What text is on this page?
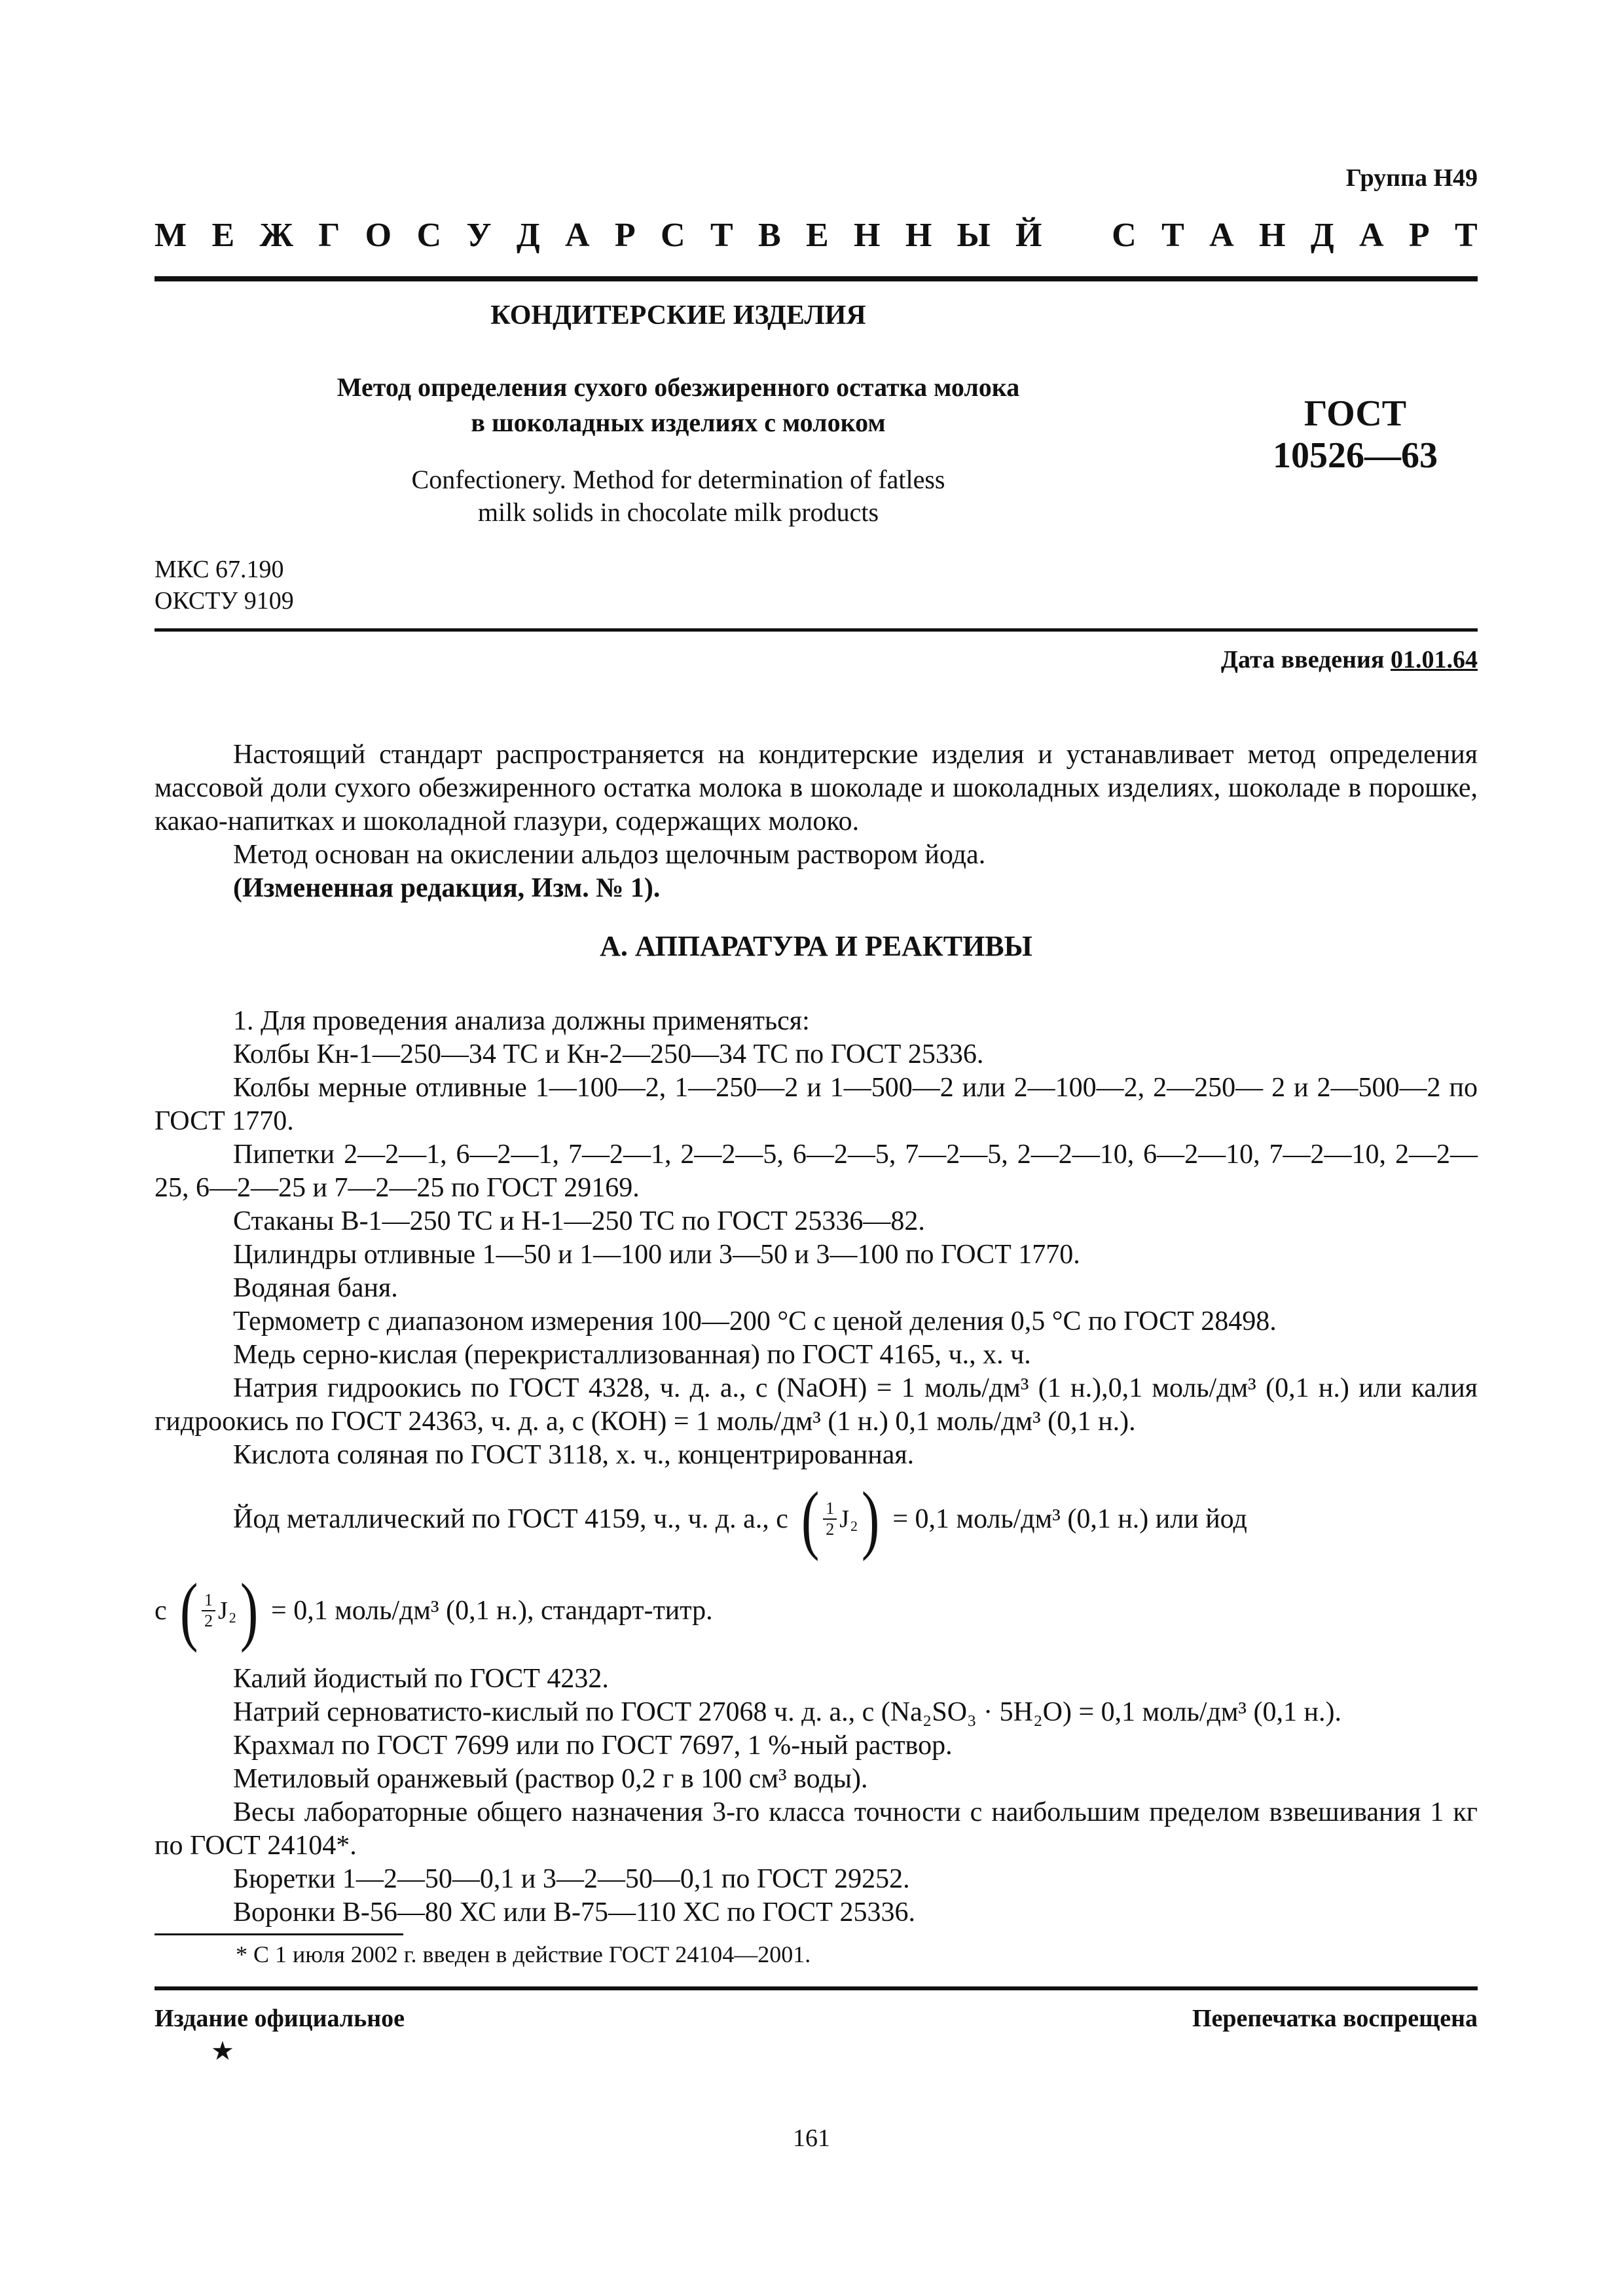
Группа Н49
М Е Ж Г О С У Д А Р С Т В Е Н Н Ы Й С Т А Н Д А Р Т
КОНДИТЕРСКИЕ ИЗДЕЛИЯ
Метод определения сухого обезжиренного остатка молока
в шоколадных изделиях с молоком
Confectionery. Method for determination of fatless
milk solids in chocolate milk products
ГОСТ
10526—63
МКС 67.190
ОКСТУ 9109
Дата введения 01.01.64
Настоящий стандарт распространяется на кондитерские изделия и устанавливает метод определения массовой доли сухого обезжиренного остатка молока в шоколаде и шоколадных изделиях, шоколаде в порошке, какао-напитках и шоколадной глазури, содержащих молоко.
Метод основан на окислении альдоз щелочным раствором йода.
(Измененная редакция, Изм. № 1).
А. АППАРАТУРА И РЕАКТИВЫ
1. Для проведения анализа должны применяться:
Колбы Кн-1—250—34 ТС и Кн-2—250—34 ТС по ГОСТ 25336.
Колбы мерные отливные 1—100—2, 1—250—2 и 1—500—2 или 2—100—2, 2—250— 2 и 2—500—2 по ГОСТ 1770.
Пипетки 2—2—1, 6—2—1, 7—2—1, 2—2—5, 6—2—5, 7—2—5, 2—2—10, 6—2—10, 7—2—10, 2—2—25, 6—2—25 и 7—2—25 по ГОСТ 29169.
Стаканы В-1—250 ТС и Н-1—250 ТС по ГОСТ 25336—82.
Цилиндры отливные 1—50 и 1—100 или 3—50 и 3—100 по ГОСТ 1770.
Водяная баня.
Термометр с диапазоном измерения 100—200 °С с ценой деления 0,5 °С по ГОСТ 28498.
Медь серно-кислая (перекристаллизованная) по ГОСТ 4165, ч., х. ч.
Натрия гидроокись по ГОСТ 4328, ч. д. а., с (NaOH) = 1 моль/дм³ (1 н.),0,1 моль/дм³ (0,1 н.) или калия гидроокись по ГОСТ 24363, ч. д. а, с (КОН) = 1 моль/дм³ (1 н.) 0,1 моль/дм³ (0,1 н.).
Кислота соляная по ГОСТ 3118, х. ч., концентрированная.
Йод металлический по ГОСТ 4159, ч., ч. д. а., с ( $\frac{1}{2}$ J 2 ) = 0,1 моль/дм³ (0,1 н.) или йод
с ( $\frac{1}{2}$ J 2 ) = 0,1 моль/дм³ (0,1 н.), стандарт-титр.
Калий йодистый по ГОСТ 4232.
Натрий серноватисто-кислый по ГОСТ 27068 ч. д. а., с (Na₂SO₃ · 5H₂O) = 0,1 моль/дм³ (0,1 н.).
Крахмал по ГОСТ 7699 или по ГОСТ 7697, 1 %-ный раствор.
Метиловый оранжевый (раствор 0,2 г в 100 см³ воды).
Весы лабораторные общего назначения 3-го класса точности с наибольшим пределом взвешивания 1 кг по ГОСТ 24104*.
Бюретки 1—2—50—0,1 и 3—2—50—0,1 по ГОСТ 29252.
Воронки В-56—80 ХС или В-75—110 ХС по ГОСТ 25336.
* С 1 июля 2002 г. введен в действие ГОСТ 24104—2001.
Издание официальное	Перепечатка воспрещена
★
161
